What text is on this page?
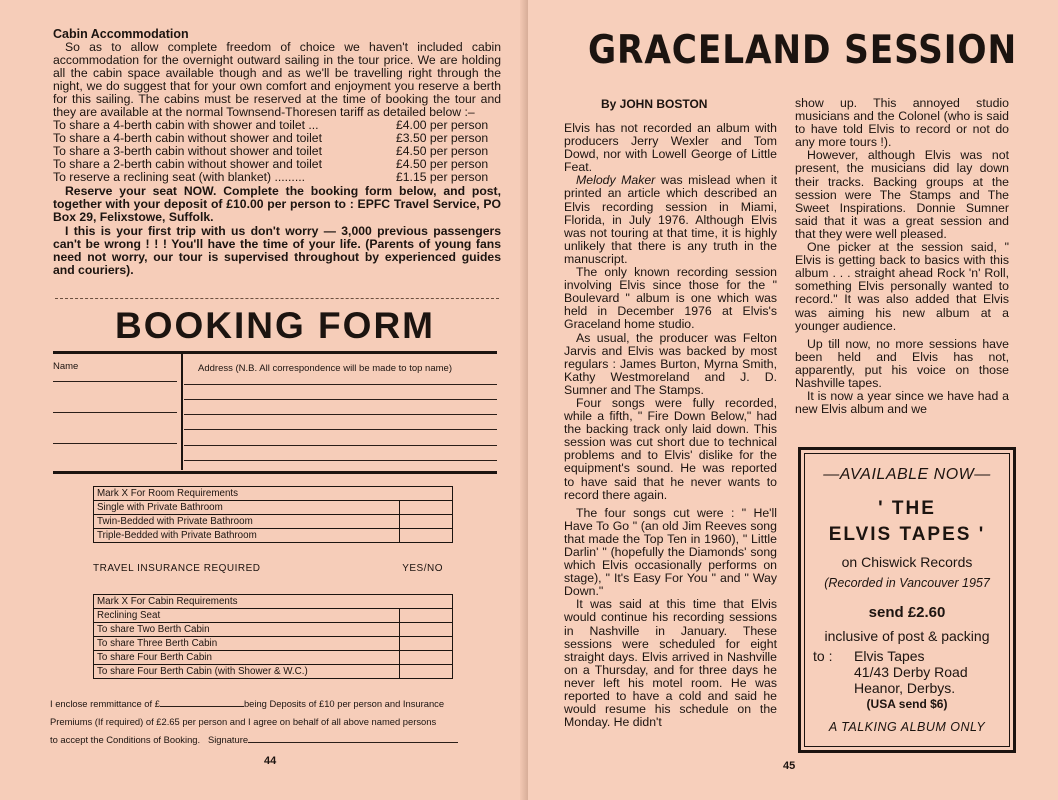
Cabin Accommodation

So as to allow complete freedom of choice we haven't included cabin accommodation for the overnight outward sailing in the tour price. We are holding all the cabin space available though and as we'll be travelling right through the night, we do suggest that for your own comfort and enjoyment you reserve a berth for this sailing. The cabins must be reserved at the time of booking the tour and they are available at the normal Townsend-Thoresen tariff as detailed below :–

To share a 4-berth cabin with shower and toilet ...	£4.00 per person
To share a 4-berth cabin without shower and toilet	£3.50 per person
To share a 3-berth cabin without shower and toilet	£4.50 per person
To share a 2-berth cabin without shower and toilet	£4.50 per person
To reserve a reclining seat (with blanket) .........	£1.15 per person

Reserve your seat NOW. Complete the booking form below, and post, together with your deposit of £10.00 per person to : EPFC Travel Service, PO Box 29, Felixstowe, Suffolk.

I this is your first trip with us don't worry — 3,000 previous passengers can't be wrong ! ! ! You'll have the time of your life. (Parents of young fans need not worry, our tour is supervised throughout by experienced guides and couriers).

BOOKING FORM
Name	Address (N.B. All correspondence will be made to top name)
Mark X For Room Requirements	
Single with Private Bathroom	
Twin-Bedded with Private Bathroom	
Triple-Bedded with Private Bathroom	
TRAVEL INSURANCE REQUIRED	YES/NO
Mark X For Cabin Requirements	
Reclining Seat	
To share Two Berth Cabin	
To share Three Berth Cabin	
To share Four Berth Cabin	
To share Four Berth Cabin (with Shower & W.C.)	
I enclose remmittance of £	being Deposits of £10 per person and Insurance
Premiums (If required) of £2.65 per person and I agree on behalf of all above named persons
to accept the Conditions of Booking. Signature
44
GRACELAND SESSION
By JOHN BOSTON

Elvis has not recorded an album with producers Jerry Wexler and Tom Dowd, nor with Lowell George of Little Feat.

Melody Maker was mislead when it printed an article which described an Elvis recording session in Miami, Florida, in July 1976. Although Elvis was not touring at that time, it is highly unlikely that there is any truth in the manuscript.

The only known recording session involving Elvis since those for the " Boulevard " album is one which was held in December 1976 at Elvis's Graceland home studio.

As usual, the producer was Felton Jarvis and Elvis was backed by most regulars : James Burton, Myrna Smith, Kathy Westmoreland and J. D. Sumner and The Stamps.

Four songs were fully recorded, while a fifth, " Fire Down Below," had the backing track only laid down. This session was cut short due to technical problems and to Elvis' dislike for the equipment's sound. He was reported to have said that he never wants to record there again.

The four songs cut were : " He'll Have To Go " (an old Jim Reeves song that made the Top Ten in 1960), " Little Darlin' " (hopefully the Diamonds' song which Elvis occasionally performs on stage), " It's Easy For You " and " Way Down."

It was said at this time that Elvis would continue his recording sessions in Nashville in January. These sessions were scheduled for eight straight days. Elvis arrived in Nashville on a Thursday, and for three days he never left his motel room. He was reported to have a cold and said he would resume his schedule on the Monday. He didn't

show up. This annoyed studio musicians and the Colonel (who is said to have told Elvis to record or not do any more tours !).

However, although Elvis was not present, the musicians did lay down their tracks. Backing groups at the session were The Stamps and The Sweet Inspirations. Donnie Sumner said that it was a great session and that they were well pleased.

One picker at the session said, " Elvis is getting back to basics with this album . . . straight ahead Rock 'n' Roll, something Elvis personally wanted to record." It was also added that Elvis was aiming his new album at a younger audience.

Up till now, no more sessions have been held and Elvis has not, apparently, put his voice on those Nashville tapes.

It is now a year since we have had a new Elvis album and we

—AVAILABLE NOW—
' THE
ELVIS TAPES '
on Chiswick Records
(Recorded in Vancouver 1957
send £2.60
inclusive of post & packing
to : Elvis Tapes
41/43 Derby Road
Heanor, Derbys.
(USA send $6)
A TALKING ALBUM ONLY
45
